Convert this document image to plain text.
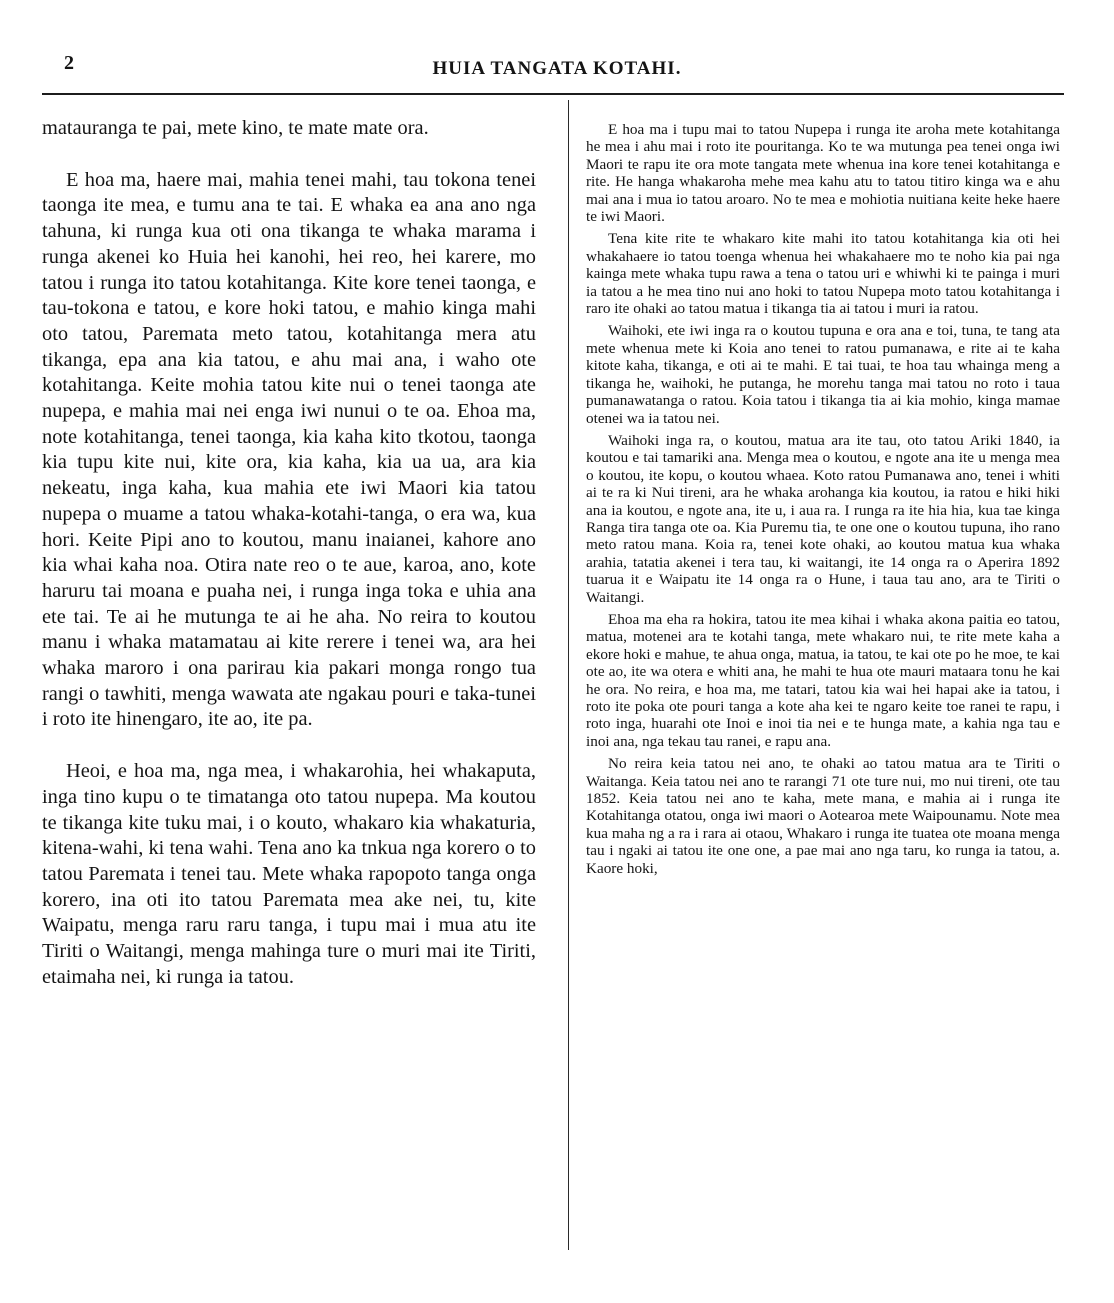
2	HUIA TANGATA KOTAHI.

matauranga te pai, mete kino, te mate mate ora.

E hoa ma, haere mai, mahia tenei mahi, tau tokona tenei taonga ite mea, e tumu ana te tai. E whaka ea ana ano nga tahuna, ki runga kua oti ona tikanga te whaka marama i runga akenei ko Huia hei kanohi, hei reo, hei karere, mo tatou i runga ito tatou kotahitanga. Kite kore tenei taonga, e tau-tokona e tatou, e kore hoki tatou, e mahio kinga mahi oto tatou, Paremata meto tatou, kotahitanga mera atu tikanga, epa ana kia tatou, e ahu mai ana, i waho ote kotahitanga. Keite mohia tatou kite nui o tenei taonga ate nupepa, e mahia mai nei enga iwi nunui o te oa. Ehoa ma, note kotahitanga, tenei taonga, kia kaha kito tkotou, taonga kia tupu kite nui, kite ora, kia kaha, kia ua ua, ara kia nekeatu, inga kaha, kua mahia ete iwi Maori kia tatou nupepa o muame a tatou whaka-kotahi-tanga, o era wa, kua hori. Keite Pipi ano to koutou, manu inaianei, kahore ano kia whai kaha noa. Otira nate reo o te aue, karoa, ano, kote haruru tai moana e puaha nei, i runga inga toka e uhia ana ete tai. Te ai he mutunga te ai he aha. No reira to koutou manu i whaka matamatau ai kite rerere i tenei wa, ara hei whaka maroro i ona parirau kia pakari monga rongo tua rangi o tawhiti, menga wawata ate ngakau pouri e taka-tunei i roto ite hinengaro, ite ao, ite pa.

Heoi, e hoa ma, nga mea, i whakarohia, hei whakaputa, inga tino kupu o te timatanga oto tatou nupepa. Ma koutou te tikanga kite tuku mai, i o kouto, whakaro kia whakaturia, kitena-wahi, ki tena wahi. Tena ano ka tnkua nga korero o to tatou Paremata i tenei tau. Mete whaka rapopoto tanga onga korero, ina oti ito tatou Paremata mea ake nei, tu, kite Waipatu, menga raru raru tanga, i tupu mai i mua atu ite Tiriti o Waitangi, menga mahinga ture o muri mai ite Tiriti, etaimaha nei, ki runga ia tatou.

E hoa ma i tupu mai to tatou Nupepa i runga ite aroha mete kotahitanga he mea i ahu mai i roto ite pouritanga. Ko te wa mutunga pea tenei onga iwi Maori te rapu ite ora mote tangata mete whenua ina kore tenei kotahitanga e rite. He hanga whakaroha mehe mea kahu atu to tatou titiro kinga wa e ahu mai ana i mua io tatou aroaro. No te mea e mohiotia nuitiana keite heke haere te iwi Maori.

Tena kite rite te whakaro kite mahi ito tatou kotahitanga kia oti hei whakahaere io tatou toenga whenua hei whakahaere mo te noho kia pai nga kainga mete whaka tupu rawa a tena o tatou uri e whiwhi ki te painga i muri ia tatou a he mea tino nui ano hoki to tatou Nupepa moto tatou kotahitanga i raro ite ohaki ao tatou matua i tikanga tia ai tatou i muri ia ratou.

Waihoki, ete iwi inga ra o koutou tupuna e ora ana e toi, tuna, te tang ata mete whenua mete ki Koia ano tenei to ratou pumanawa, e rite ai te kaha kitote kaha, tikanga, e oti ai te mahi. E tai tuai, te hoa tau whainga meng a tikanga he, waihoki, he putanga, he morehu tanga mai tatou no roto i taua pumanawatanga o ratou. Koia tatou i tikanga tia ai kia mohio, kinga mamae otenei wa ia tatou nei.

Waihoki inga ra, o koutou, matua ara ite tau, oto tatou Ariki 1840, ia koutou e tai tamariki ana. Menga mea o koutou, e ngote ana ite u menga mea o koutou, ite kopu, o koutou whaea. Koto ratou Pumanawa ano, tenei i whiti ai te ra ki Nui tireni, ara he whaka arohanga kia koutou, ia ratou e hiki hiki ana ia koutou, e ngote ana, ite u, i aua ra. I runga ra ite hia hia, kua tae kinga Ranga tira tanga ote oa. Kia Puremu tia, te one one o koutou tupuna, iho rano meto ratou mana. Koia ra, tenei kote ohaki, ao koutou matua kua whaka arahia, tatatia akenei i tera tau, ki waitangi, ite 14 onga ra o Aperira 1892 tuarua it e Waipatu ite 14 onga ra o Hune, i taua tau ano, ara te Tiriti o Waitangi.

Ehoa ma eha ra hokira, tatou ite mea kihai i whaka akona paitia eo tatou, matua, motenei ara te kotahi tanga, mete whakaro nui, te rite mete kaha a ekore hoki e mahue, te ahua onga, matua, ia tatou, te kai ote po he moe, te kai ote ao, ite wa otera e whiti ana, he mahi te hua ote mauri mataara tonu he kai he ora. No reira, e hoa ma, me tatari, tatou kia wai hei hapai ake ia tatou, i roto ite poka ote pouri tanga a kote aha kei te ngaro keite toe ranei te rapu, i roto inga, huarahi ote Inoi e inoi tia nei e te hunga mate, a kahia nga tau e inoi ana, nga tekau tau ranei, e rapu ana.

No reira keia tatou nei ano, te ohaki ao tatou matua ara te Tiriti o Waitanga. Keia tatou nei ano te rarangi 71 ote ture nui, mo nui tireni, ote tau 1852. Keia tatou nei ano te kaha, mete mana, e mahia ai i runga ite Kotahitanga otatou, onga iwi maori o Aotearoa mete Waipounamu. Note mea kua maha ng a ra i rara ai otaou, Whakaro i runga ite tuatea ote moana menga tau i ngaki ai tatou ite one one, a pae mai ano nga taru, ko runga ia tatou, a. Kaore hoki,
